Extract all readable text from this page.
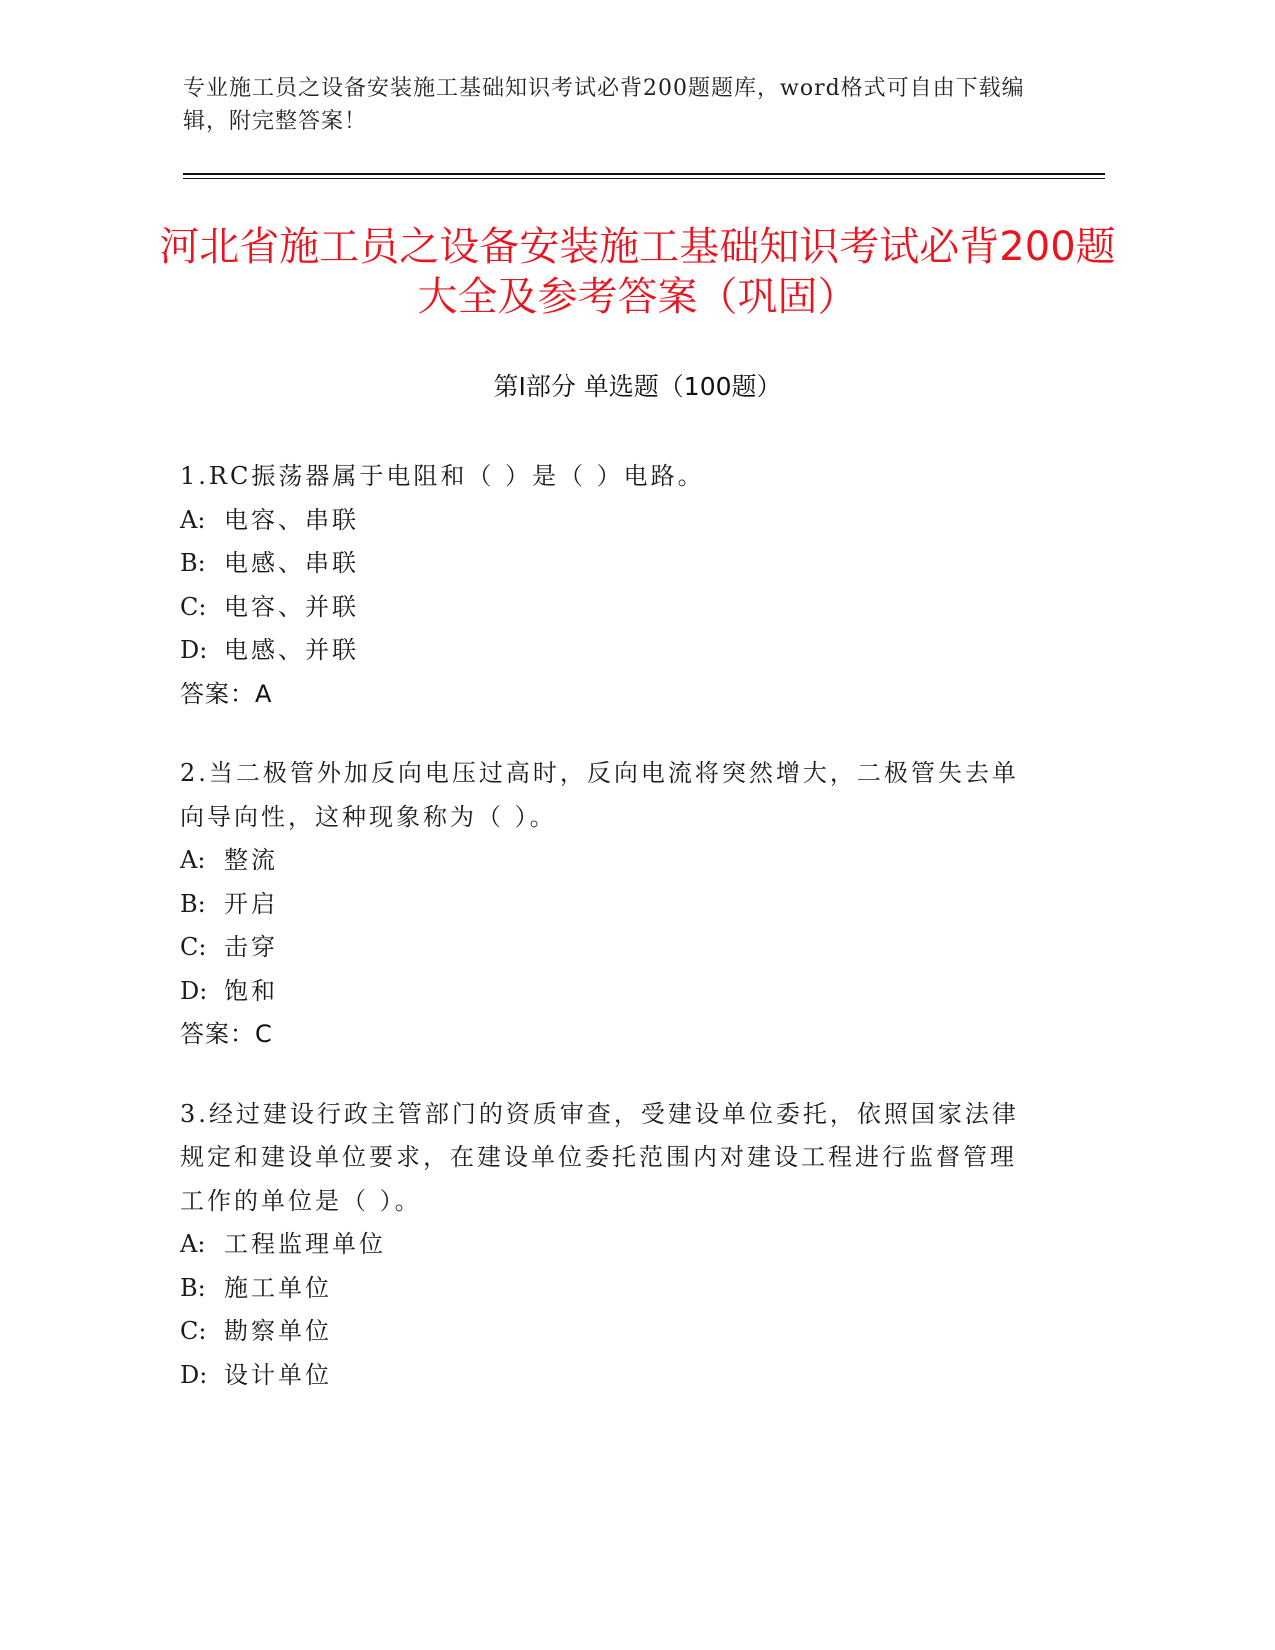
专业施工员之设备安装施工基础知识考试必背200题题库，word格式可自由下载编辑，附完整答案！
河北省施工员之设备安装施工基础知识考试必背200题大全及参考答案（巩固）
第I部分 单选题（100题）
1.RC振荡器属于电阻和（ ）是（ ）电路。
A: 电容、串联
B: 电感、串联
C: 电容、并联
D: 电感、并联
答案：A
2.当二极管外加反向电压过高时，反向电流将突然增大，二极管失去单向导向性，这种现象称为（ ）。
A: 整流
B: 开启
C: 击穿
D: 饱和
答案：C
3.经过建设行政主管部门的资质审查，受建设单位委托，依照国家法律规定和建设单位要求，在建设单位委托范围内对建设工程进行监督管理工作的单位是（ ）。
A: 工程监理单位
B: 施工单位
C: 勘察单位
D: 设计单位
